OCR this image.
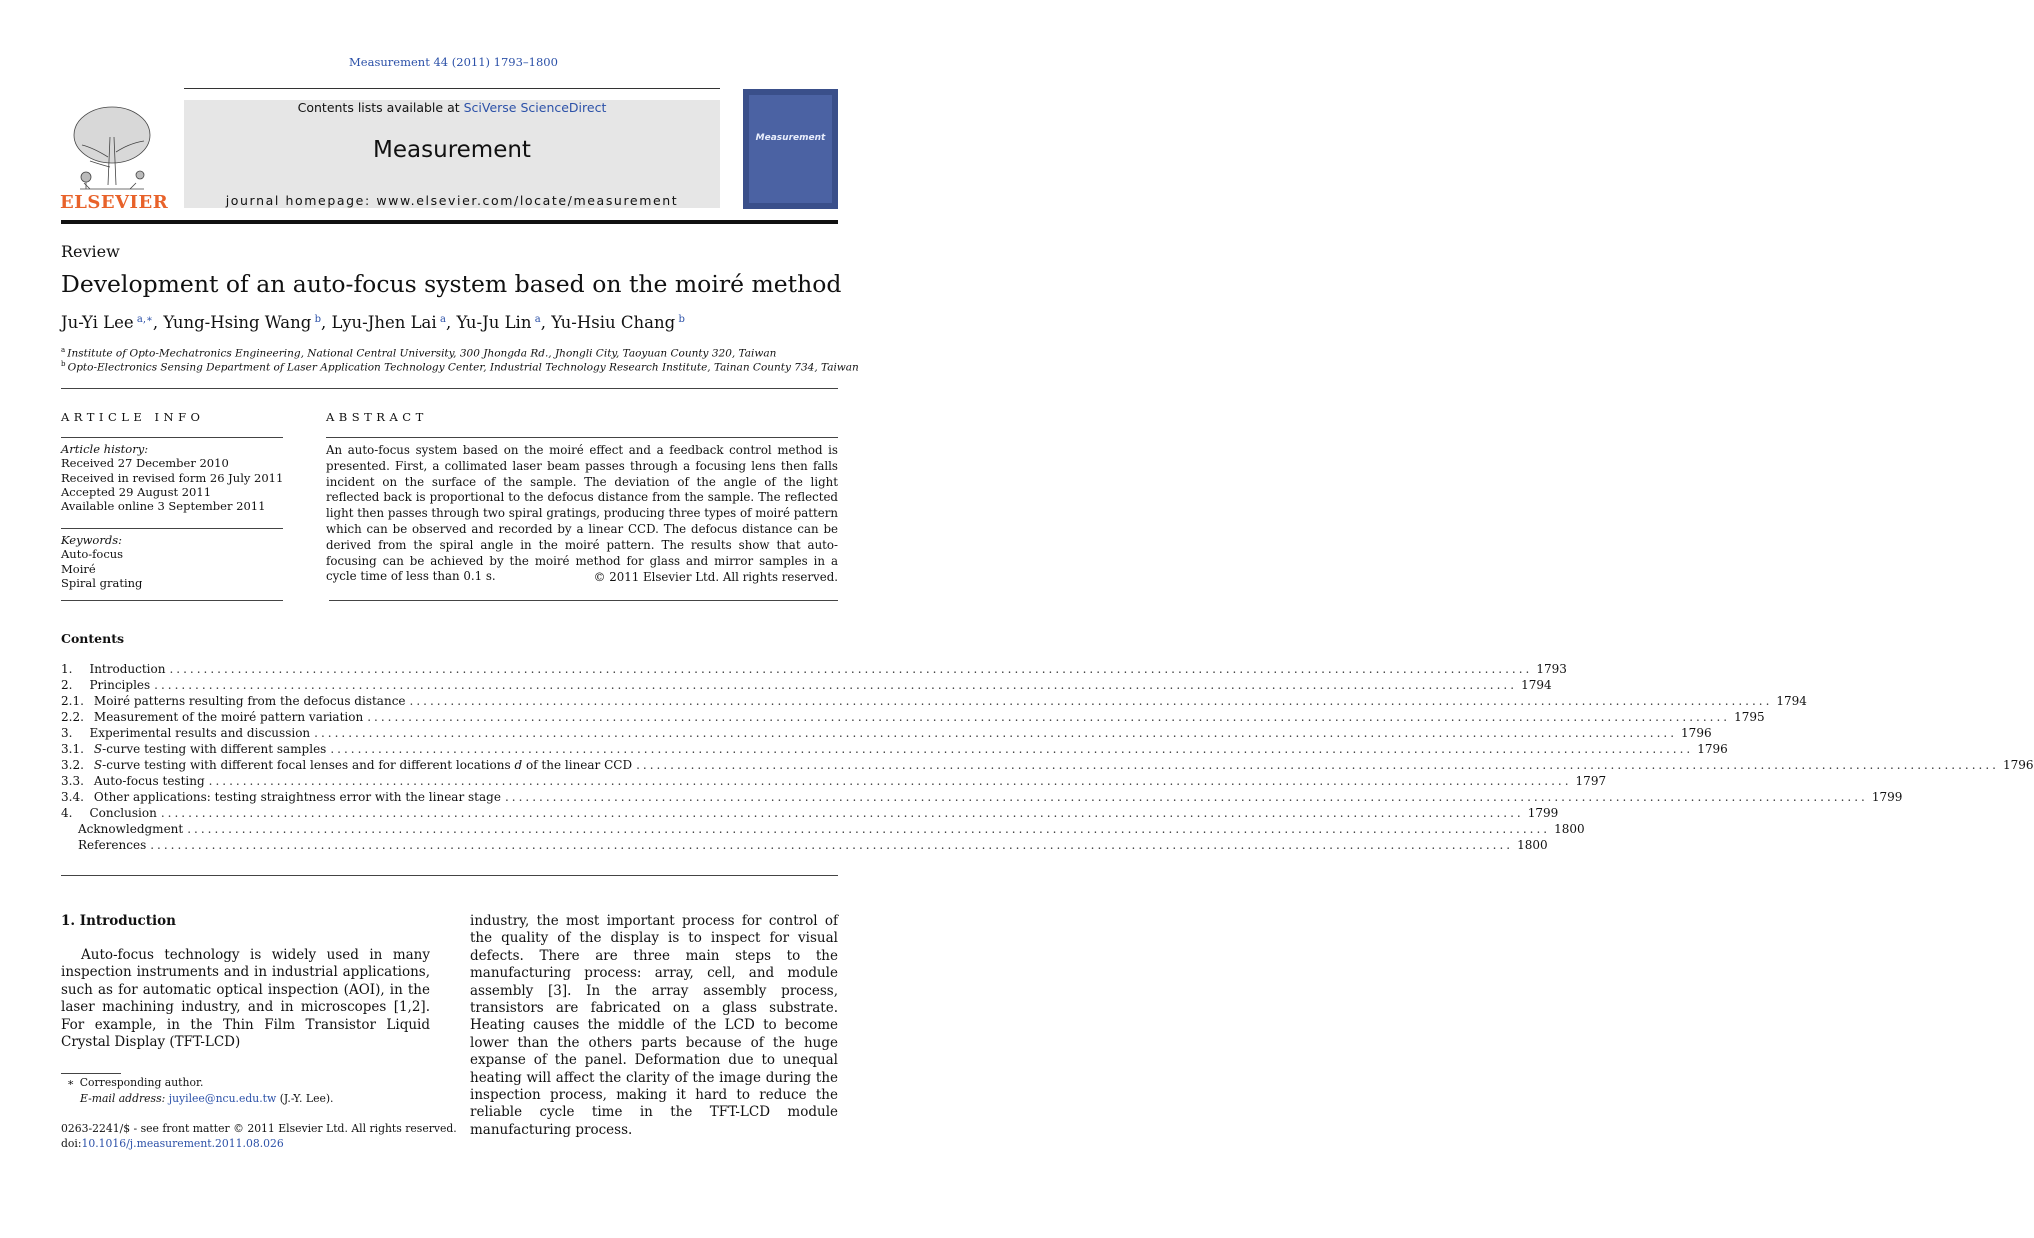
Measurement 44 (2011) 1793–1800
ELSEVIER
Contents lists available at SciVerse ScienceDirect
Measurement
journal homepage: www.elsevier.com/locate/measurement
Measurement
Review
Development of an auto-focus system based on the moiré method
Ju-Yi Lee  $^{a,∗}$, Yung-Hsing Wang  $^b$, Lyu-Jhen Lai  $^a$, Yu-Ju Lin  $^a$, Yu-Hsiu Chang  $^b$
$^a$  Institute of Opto-Mechatronics Engineering, National Central University, 300 Jhongda Rd., Jhongli City, Taoyuan County 320, Taiwan
$^b$  Opto-Electronics Sensing Department of Laser Application Technology Center, Industrial Technology Research Institute, Tainan County 734, Taiwan
ARTICLE INFO
Article history:
Received 27 December 2010
Received in revised form 26 July 2011
Accepted 29 August 2011
Available online 3 September 2011
Keywords:
Auto-focus
Moiré
Spiral grating
ABSTRACT
An auto-focus system based on the moiré effect and a feedback control method is presented. First, a collimated laser beam passes through a focusing lens then falls incident on the surface of the sample. The deviation of the angle of the light reflected back is proportional to the defocus distance from the sample. The reflected light then passes through two spiral gratings, producing three types of moiré pattern which can be observed and recorded by a linear CCD. The defocus distance can be derived from the spiral angle in the moiré pattern. The results show that auto-focusing can be achieved by the moiré method for glass and mirror samples in a cycle time of less than 0.1 s.	© 2011 Elsevier Ltd. All rights reserved.
Contents
1. Introduction ........................................................................................................................................................................................................ 1793
2. Principles ........................................................................................................................................................................................................ 1794
2.1. Moiré patterns resulting from the defocus distance ........................................................................................................................................................................................................ 1794
2.2. Measurement of the moiré pattern variation ........................................................................................................................................................................................................ 1795
3. Experimental results and discussion ........................................................................................................................................................................................................ 1796
3.1. S-curve testing with different samples ........................................................................................................................................................................................................ 1796
3.2. S-curve testing with different focal lenses and for different locations d of the linear CCD ........................................................................................................................................................................................................ 1796
3.3. Auto-focus testing ........................................................................................................................................................................................................ 1797
3.4. Other applications: testing straightness error with the linear stage ........................................................................................................................................................................................................ 1799
4. Conclusion ........................................................................................................................................................................................................ 1799
Acknowledgment ........................................................................................................................................................................................................ 1800
References ........................................................................................................................................................................................................ 1800
1. Introduction
Auto-focus technology is widely used in many inspection instruments and in industrial applications, such as for automatic optical inspection (AOI), in the laser machining industry, and in microscopes [1,2]. For example, in the Thin Film Transistor Liquid Crystal Display (TFT-LCD)
industry, the most important process for control of the quality of the display is to inspect for visual defects. There are three main steps to the manufacturing process: array, cell, and module assembly [3]. In the array assembly process, transistors are fabricated on a glass substrate. Heating causes the middle of the LCD to become lower than the others parts because of the huge expanse of the panel. Deformation due to unequal heating will affect the clarity of the image during the inspection process, making it hard to reduce the reliable cycle time in the TFT-LCD module manufacturing process.
∗  Corresponding author.
E-mail address: juyilee@ncu.edu.tw (J.-Y. Lee).
0263-2241/$ - see front matter © 2011 Elsevier Ltd. All rights reserved.
doi:10.1016/j.measurement.2011.08.026
